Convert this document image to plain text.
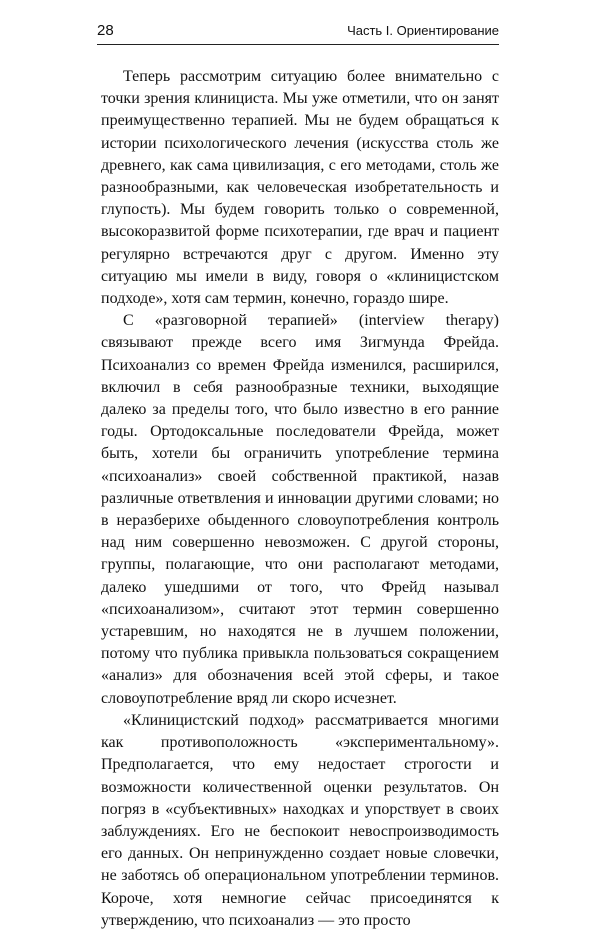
28	Часть I. Ориентирование

Теперь рассмотрим ситуацию более внимательно с точки зрения клинициста. Мы уже отметили, что он занят преимущественно терапией. Мы не будем обращаться к истории психологического лечения (искусства столь же древнего, как сама цивилизация, с его методами, столь же разнообразными, как человеческая изобретательность и глупость). Мы будем говорить только о современной, высокоразвитой форме психотерапии, где врач и пациент регулярно встречаются друг с другом. Именно эту ситуацию мы имели в виду, говоря о «клиницистском подходе», хотя сам термин, конечно, гораздо шире.

С «разговорной терапией» (interview therapy) связывают прежде всего имя Зигмунда Фрейда. Психоанализ со времен Фрейда изменился, расширился, включил в себя разнообразные техники, выходящие далеко за пределы того, что было известно в его ранние годы. Ортодоксальные последователи Фрейда, может быть, хотели бы ограничить употребление термина «психоанализ» своей собственной практикой, назав различные ответвления и инновации другими словами; но в неразберихе обыденного словоупотребления контроль над ним совершенно невозможен. С другой стороны, группы, полагающие, что они располагают методами, далеко ушедшими от того, что Фрейд называл «психоанализом», считают этот термин совершенно устаревшим, но находятся не в лучшем положении, потому что публика привыкла пользоваться сокращением «анализ» для обозначения всей этой сферы, и такое словоупотребление вряд ли скоро исчезнет.

«Клиницистский подход» рассматривается многими как противоположность «экспериментальному». Предполагается, что ему недостает строгости и возможности количественной оценки результатов. Он погряз в «субъективных» находках и упорствует в своих заблуждениях. Его не беспокоит невоспроизводимость его данных. Он непринужденно создает новые словечки, не заботясь об операциональном употреблении терминов. Короче, хотя немногие сейчас присоединятся к утверждению, что психоанализ — это просто
